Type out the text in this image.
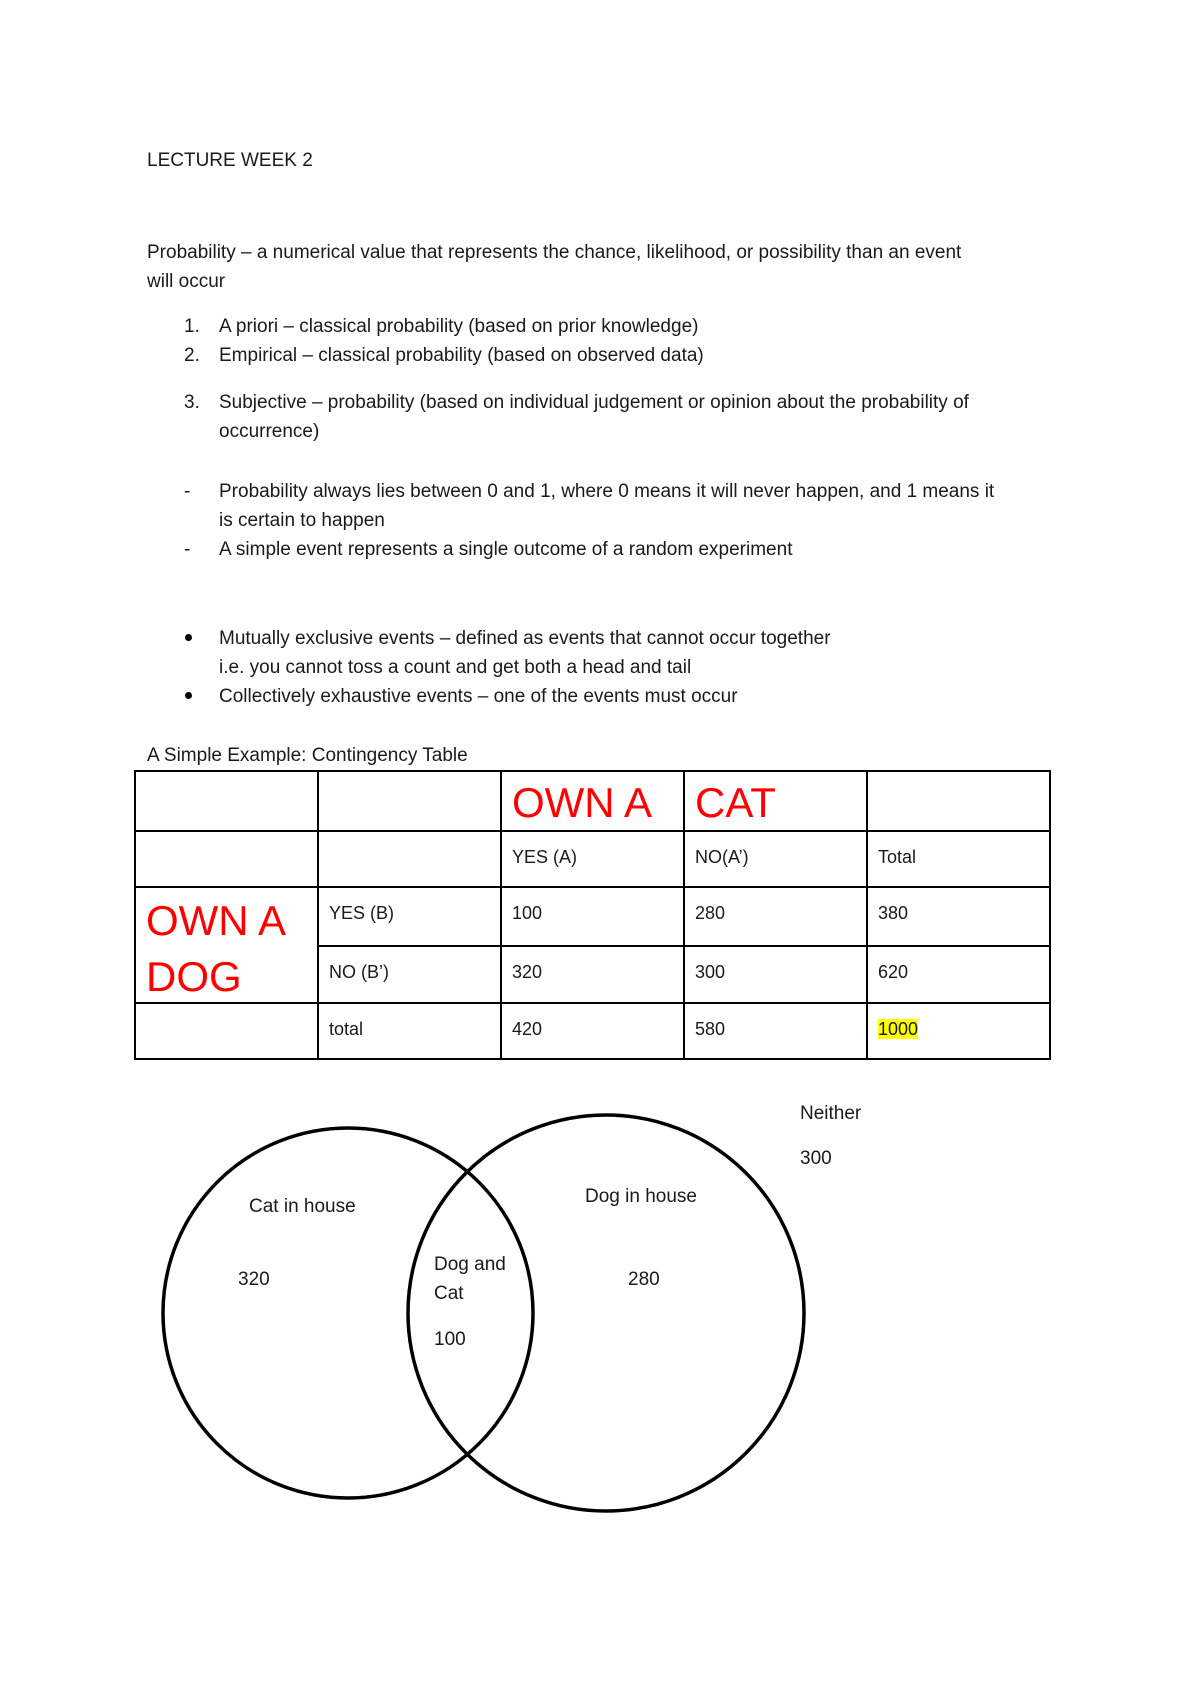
LECTURE WEEK 2
Probability – a numerical value that represents the chance, likelihood, or possibility than an event
will occur
1.	A priori – classical probability (based on prior knowledge)
2.	Empirical – classical probability (based on observed data)
3.	Subjective – probability (based on individual judgement or opinion about the probability of
occurrence)
-	Probability always lies between 0 and 1, where 0 means it will never happen, and 1 means it
is certain to happen
-	A simple event represents a single outcome of a random experiment
Mutually exclusive events – defined as events that cannot occur together
i.e. you cannot toss a count and get both a head and tail
Collectively exhaustive events – one of the events must occur
A Simple Example: Contingency Table

		OWN A	CAT	

		YES (A)	NO(A’)	Total

OWN A	YES (B)	100	280	380

DOG	NO (B’)	320	300	620

	total	420	580	1000
Cat in house
320
Dog in house
280
Dog and
Cat
100
Neither
300
